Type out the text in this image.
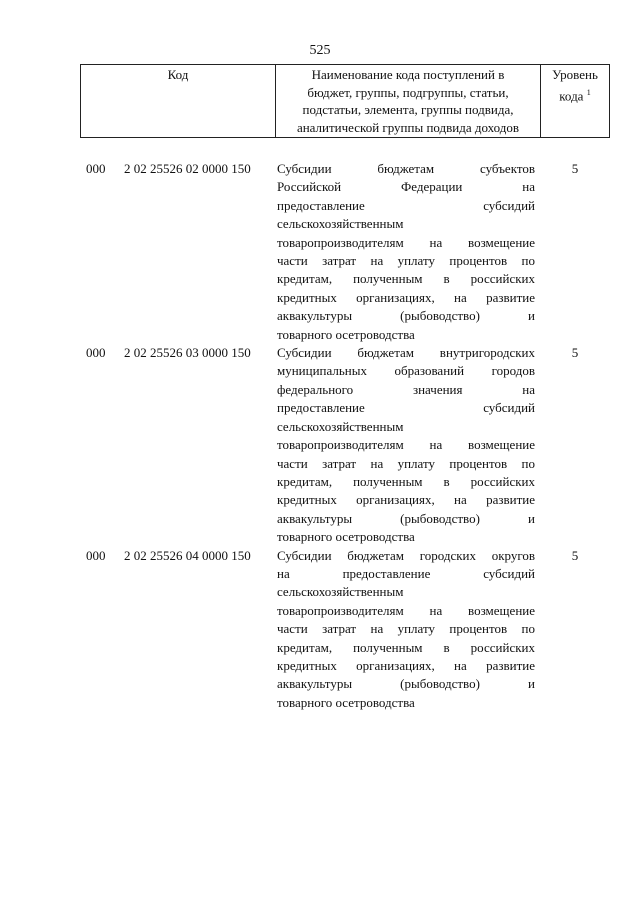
525
Код	Наименование кода поступлений в
бюджет, группы, подгруппы, статьи,
подстатьи, элемента, группы подвида,
аналитической группы подвида доходов
Уровень
кода $^1$
000	2 02 25526 02 0000 150	Субсидии бюджетам субъектов
Российской Федерации на
предоставление субсидий
сельскохозяйственным
товаропроизводителям на возмещение
части затрат на уплату процентов по
кредитам, полученным в российских
кредитных организациях, на развитие
аквакультуры (рыбоводство) и
товарного осетроводства
5
000	2 02 25526 03 0000 150	Субсидии бюджетам внутригородских
муниципальных образований городов
федерального значения на
предоставление субсидий
сельскохозяйственным
товаропроизводителям на возмещение
части затрат на уплату процентов по
кредитам, полученным в российских
кредитных организациях, на развитие
аквакультуры (рыбоводство) и
товарного осетроводства
5
000	2 02 25526 04 0000 150	Субсидии бюджетам городских округов
на предоставление субсидий
сельскохозяйственным
товаропроизводителям на возмещение
части затрат на уплату процентов по
кредитам, полученным в российских
кредитных организациях, на развитие
аквакультуры (рыбоводство) и
товарного осетроводства
5
